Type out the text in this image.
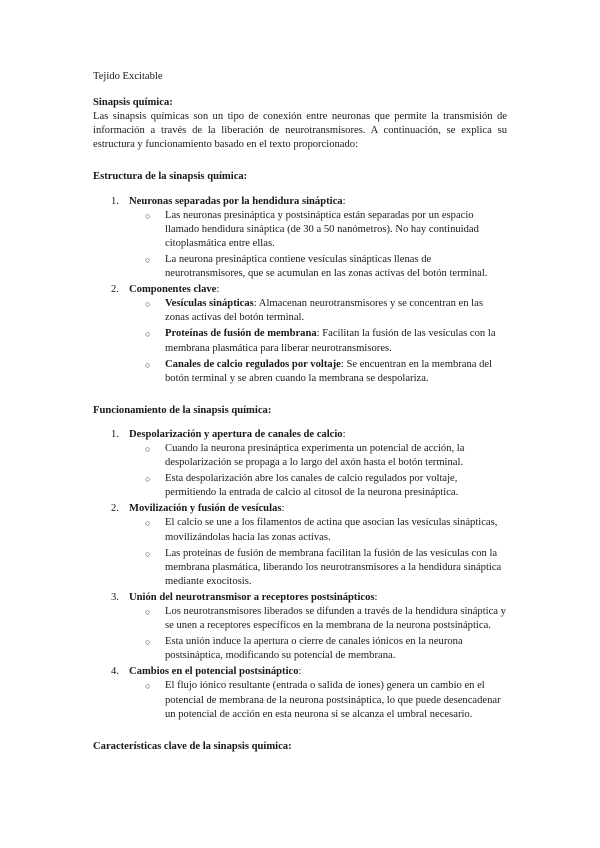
Tejido Excitable

Sinapsis química:

Las sinapsis químicas son un tipo de conexión entre neuronas que permite la transmisión de información a través de la liberación de neurotransmisores. A continuación, se explica su estructura y funcionamiento basado en el texto proporcionado:

Estructura de la sinapsis química:

1. Neuronas separadas por la hendidura sináptica:
○ Las neuronas presináptica y postsináptica están separadas por un espacio llamado hendidura sináptica (de 30 a 50 nanómetros). No hay continuidad citoplasmática entre ellas.
○ La neurona presináptica contiene vesículas sinápticas llenas de neurotransmisores, que se acumulan en las zonas activas del botón terminal.
2. Componentes clave:
○ Vesículas sinápticas: Almacenan neurotransmisores y se concentran en las zonas activas del botón terminal.
○ Proteínas de fusión de membrana: Facilitan la fusión de las vesículas con la membrana plasmática para liberar neurotransmisores.
○ Canales de calcio regulados por voltaje: Se encuentran en la membrana del botón terminal y se abren cuando la membrana se despolariza.

Funcionamiento de la sinapsis química:

1. Despolarización y apertura de canales de calcio:
○ Cuando la neurona presináptica experimenta un potencial de acción, la despolarización se propaga a lo largo del axón hasta el botón terminal.
○ Esta despolarización abre los canales de calcio regulados por voltaje, permitiendo la entrada de calcio al citosol de la neurona presináptica.
2. Movilización y fusión de vesículas:
○ El calcio se une a los filamentos de actina que asocian las vesículas sinápticas, movilizándolas hacia las zonas activas.
○ Las proteínas de fusión de membrana facilitan la fusión de las vesículas con la membrana plasmática, liberando los neurotransmisores a la hendidura sináptica mediante exocitosis.
3. Unión del neurotransmisor a receptores postsinápticos:
○ Los neurotransmisores liberados se difunden a través de la hendidura sináptica y se unen a receptores específicos en la membrana de la neurona postsináptica.
○ Esta unión induce la apertura o cierre de canales iónicos en la neurona postsináptica, modificando su potencial de membrana.
4. Cambios en el potencial postsináptico:
○ El flujo iónico resultante (entrada o salida de iones) genera un cambio en el potencial de membrana de la neurona postsináptica, lo que puede desencadenar un potencial de acción en esta neurona si se alcanza el umbral necesario.

Características clave de la sinapsis química:
